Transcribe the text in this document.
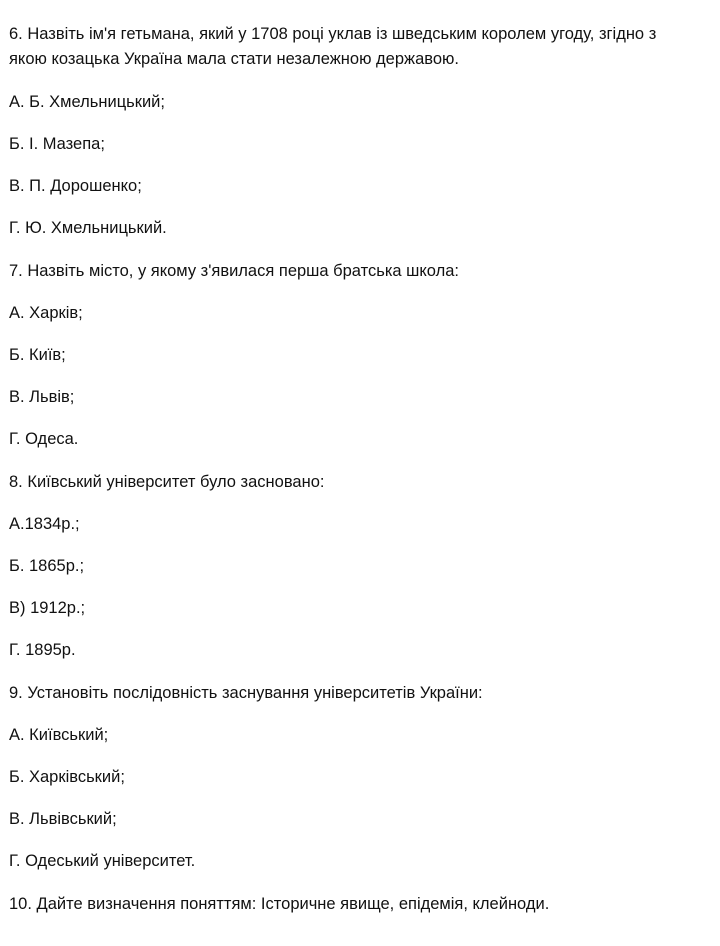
6. Назвіть ім'я гетьмана, який у 1708 році уклав із шведським королем угоду, згідно з
якою козацька Україна мала стати незалежною державою.
А. Б. Хмельницький;
Б. І. Мазепа;
В. П. Дорошенко;
Г. Ю. Хмельницький.
7. Назвіть місто, у якому з'явилася перша братська школа:
А. Харків;
Б. Київ;
В. Львів;
Г. Одеса.
8. Київський університет було засновано:
А.1834р.;
Б. 1865р.;
В) 1912р.;
Г. 1895р.
9. Установіть послідовність заснування університетів України:
А. Київський;
Б. Харківський;
В. Львівський;
Г. Одеський університет.
10. Дайте визначення поняттям: Історичне явище, епідемія, клейноди.
